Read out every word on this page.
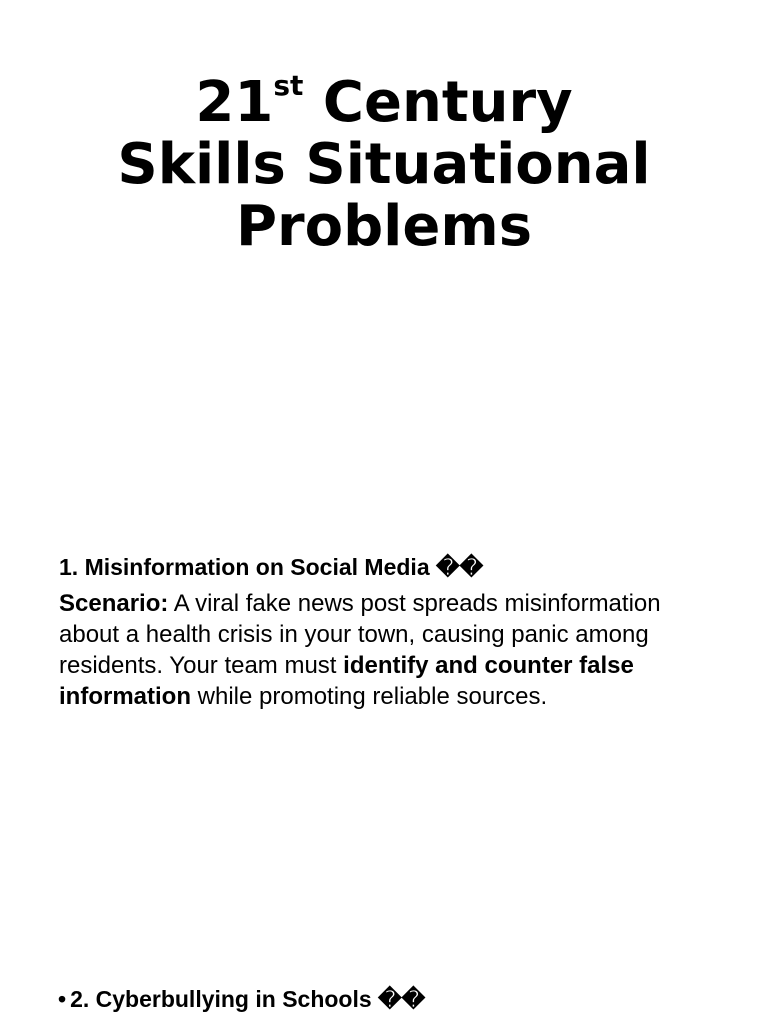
21st Century
Skills Situational
Problems

1. Misinformation on Social Media ��

Scenario: A viral fake news post spreads misinformation about a health crisis in your town, causing panic among residents. Your team must identify and counter false information while promoting reliable sources.

• 2. Cyberbullying in Schools ��
